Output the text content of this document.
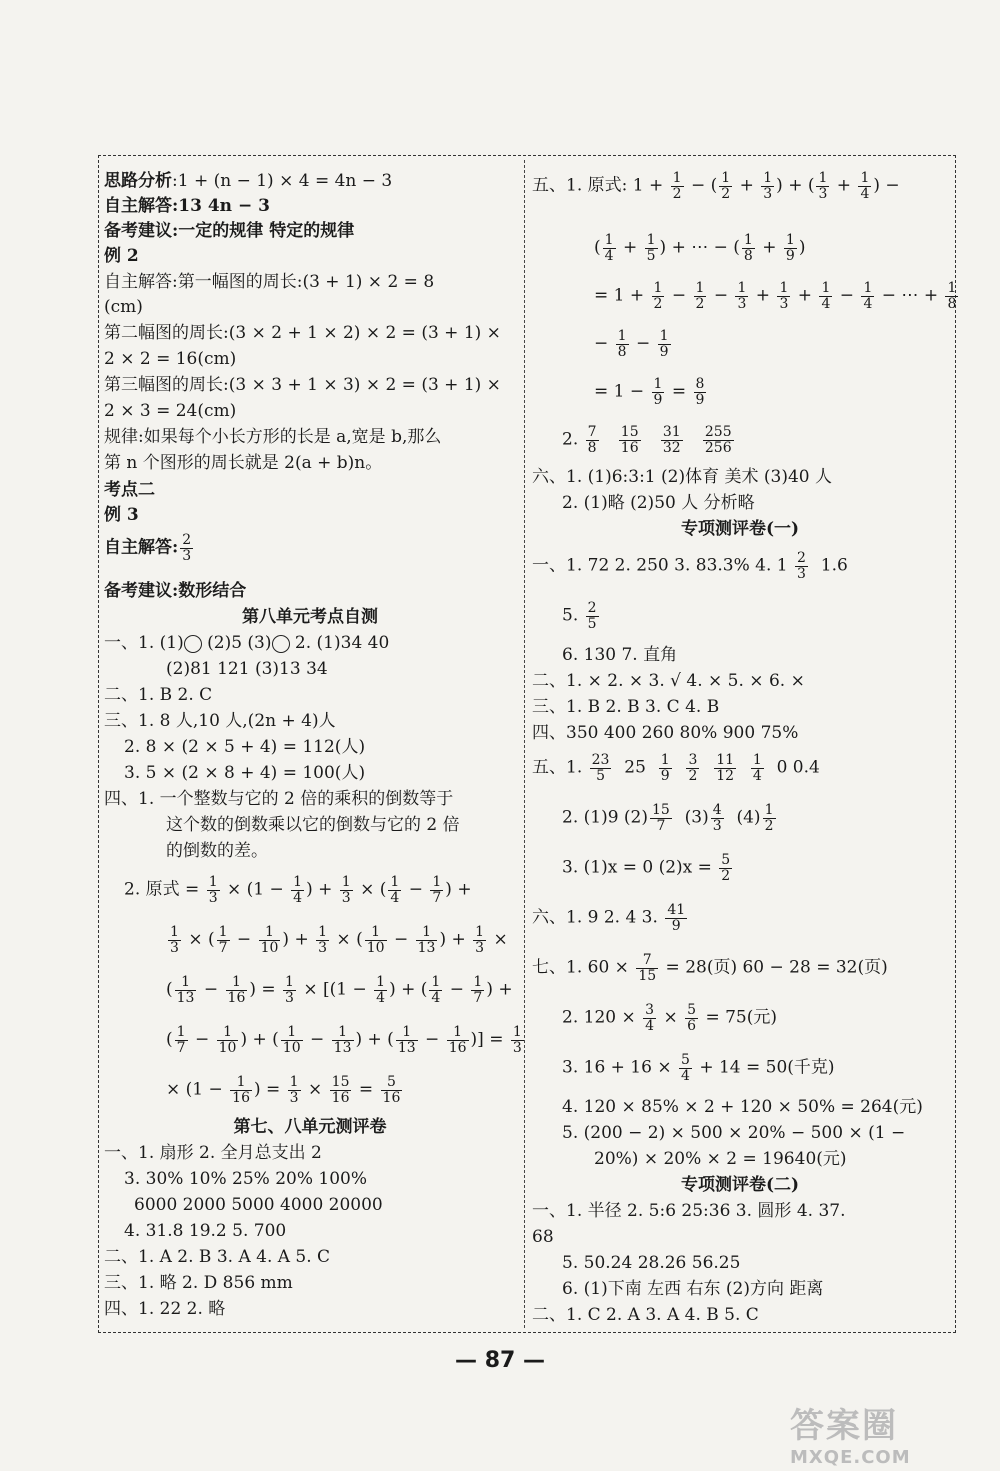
思路分析:1 + (n − 1) × 4 = 4n − 3
自主解答:13 4n − 3
备考建议:一定的规律 特定的规律
例 2
自主解答:第一幅图的周长:(3 + 1) × 2 = 8
(cm)
第二幅图的周长:(3 × 2 + 1 × 2) × 2 = (3 + 1) ×
2 × 2 = 16(cm)
第三幅图的周长:(3 × 3 + 1 × 3) × 2 = (3 + 1) ×
2 × 3 = 24(cm)
规律:如果每个小长方形的长是 a,宽是 b,那么
第 n 个图形的周长就是 2(a + b)n。
考点二
例 3
自主解答: $\frac{2}{3}$
备考建议:数形结合
第八单元考点自测
一、1. (1) (2)5 (3) 2. (1)34 40
(2)81 121 (3)13 34
二、1. B 2. C
三、1. 8 人,10 人,(2n + 4)人
2. 8 × (2 × 5 + 4) = 112(人)
3. 5 × (2 × 8 + 4) = 100(人)
四、1. 一个整数与它的 2 倍的乘积的倒数等于
这个数的倒数乘以它的倒数与它的 2 倍
的倒数的差。
2. 原式 = $\frac{1}{3} \times (1 - \frac{1}{4}$ ) + $\frac{1}{3}$ × ( $\frac{1}{4} - \frac{1}{7}$ ) +
$\frac{1}{3}$ × ( $\frac{1}{7} - \frac{1}{10}$ ) + $\frac{1}{3}$ × ( $\frac{1}{10} - \frac{1}{13}$ ) + $\frac{1}{3}$ ×
( $\frac{1}{13} - \frac{1}{16}$ ) = $\frac{1}{3} \times [(1 - \frac{1}{4}$ ) + ( $\frac{1}{4} - \frac{1}{7}$ ) +
( $\frac{1}{7} - \frac{1}{10}$ ) + ( $\frac{1}{10} - \frac{1}{13}$ ) + ( $\frac{1}{13} - \frac{1}{16}$ )] = $\frac{1}{3}$
× ($1 - \frac{1}{16}$ ) = $\frac{1}{3} \times \frac{15}{16} = \frac{5}{16}$
第七、八单元测评卷
一、1. 扇形 2. 全月总支出 2
3. 30% 10% 25% 20% 100%
6000 2000 5000 4000 20000
4. 31.8 19.2 5. 700
二、1. A 2. B 3. A 4. A 5. C
三、1. 略 2. D 856 mm
四、1. 22 2. 略
五、1. 原式: $1 + \frac{1}{2}$ − ( $\frac{1}{2} + \frac{1}{3}$ ) + ( $\frac{1}{3} + \frac{1}{4}$ ) −
( $\frac{1}{4} + \frac{1}{5}$ ) + ⋯ − ( $\frac{1}{8} + \frac{1}{9}$ )
= $1 + \frac{1}{2} - \frac{1}{2} - \frac{1}{3} + \frac{1}{3} + \frac{1}{4} - \frac{1}{4}$ − ⋯ + $\frac{1}{8}$
− $\frac{1}{8} - \frac{1}{9}$
= $1 - \frac{1}{9} = \frac{8}{9}$
2. $\frac{7}{8}$
$\frac{15}{16}$
$\frac{31}{32}$
$\frac{255}{256}$
六、1. (1)6:3:1 (2)体育 美术 (3)40 人
2. (1)略 (2)50 人 分析略
专项测评卷(一)
一、1. 72 2. 250 3. 83.3% 4. $1 \frac{2}{3} 1.6$
5. $\frac{2}{5}$
6. 130 7. 直角
二、1. × 2. × 3. √ 4. × 5. × 6. ×
三、1. B 2. B 3. C 4. B
四、350 400 260 80% 900 75%
五、1. $\frac{23}{5} 25 \frac{1}{9}$
$\frac{3}{2}$
$\frac{11}{12}$
$\frac{1}{4} 0$ 0.4
2. (1)9 $(2) \frac{15}{7} (3) \frac{4}{3} (4) \frac{1}{2}$
3. (1)x = 0 $(2)x = \frac{5}{2}$
六、1. 9 2. 4 3. $\frac{41}{9}$
七、1. $60 \times \frac{7}{15} = 28$(页) 60 − 28 = 32(页)
2. $120 \times \frac{3}{4} \times \frac{5}{6} = 75$(元)
3. $16 + 16 \times \frac{5}{4} + 14 = 50$(千克)
4. 120 × 85% × 2 + 120 × 50% = 264(元)
5. (200 − 2) × 500 × 20% − 500 × (1 −
20%) × 20% × 2 = 19640(元)
专项测评卷(二)
一、1. 半径 2. 5:6 25:36 3. 圆形 4. 37.
68
5. 50.24 28.26 56.25
6. (1)下南 左西 右东 (2)方向 距离
二、1. C 2. A 3. A 4. B 5. C
— 87 —
答案圈
MXQE.COM
